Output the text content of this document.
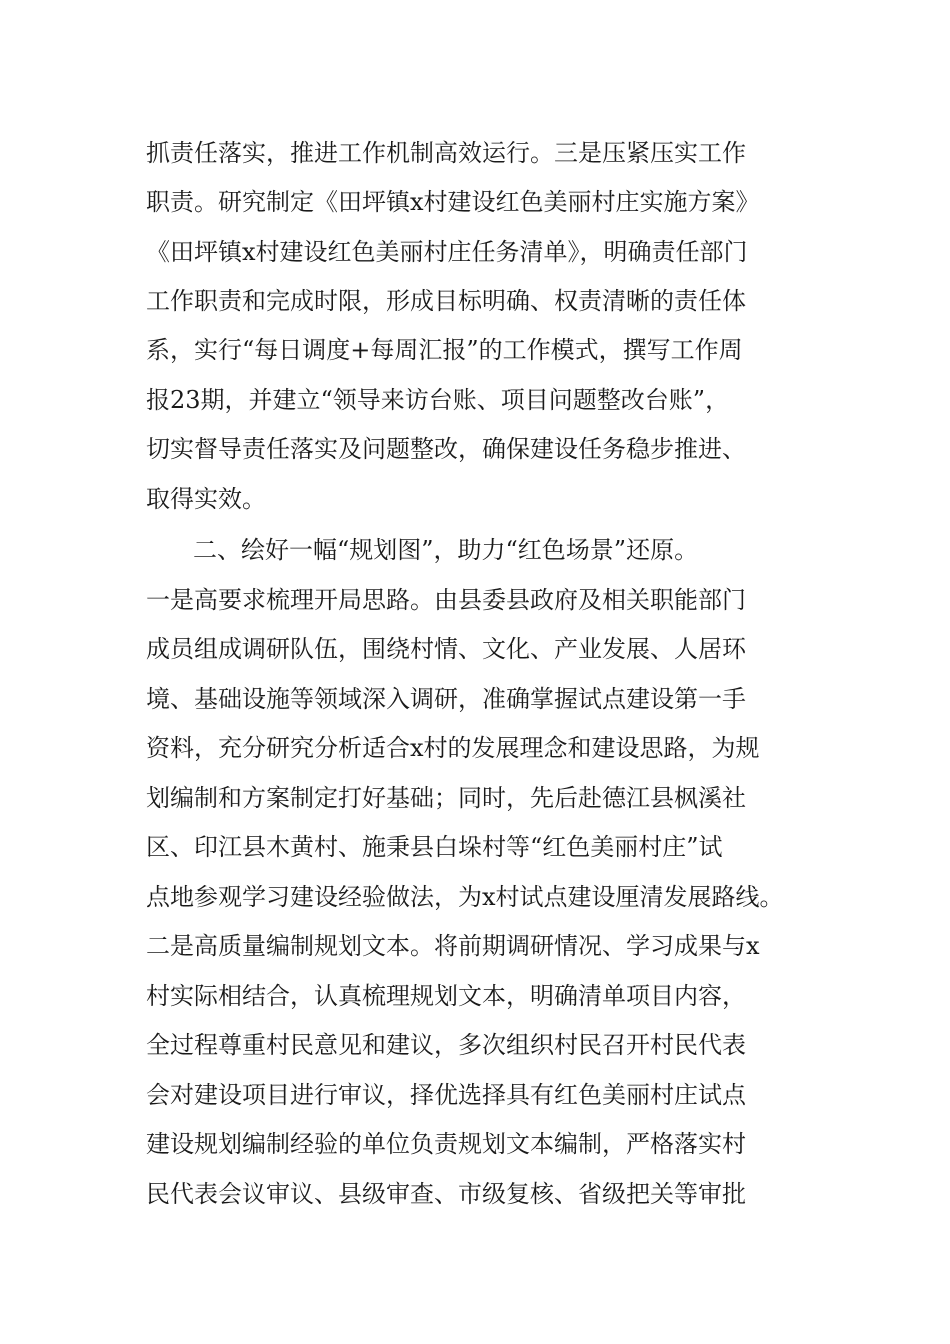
抓责任落实，推进工作机制高效运行。三是压紧压实工作

职责。研究制定《田坪镇x村建设红色美丽村庄实施方案》

《田坪镇x村建设红色美丽村庄任务清单》，明确责任部门

工作职责和完成时限，形成目标明确、权责清晰的责任体

系，实行“每日调度+每周汇报”的工作模式，撰写工作周

报23期，并建立“领导来访台账、项目问题整改台账”，

切实督导责任落实及问题整改，确保建设任务稳步推进、

取得实效。

二、绘好一幅“规划图”，助力“红色场景”还原。

一是高要求梳理开局思路。由县委县政府及相关职能部门

成员组成调研队伍，围绕村情、文化、产业发展、人居环

境、基础设施等领域深入调研，准确掌握试点建设第一手

资料，充分研究分析适合x村的发展理念和建设思路，为规

划编制和方案制定打好基础；同时，先后赴德江县枫溪社

区、印江县木黄村、施秉县白垛村等“红色美丽村庄”试

点地参观学习建设经验做法，为x村试点建设厘清发展路线。

二是高质量编制规划文本。将前期调研情况、学习成果与x

村实际相结合，认真梳理规划文本，明确清单项目内容，

全过程尊重村民意见和建议，多次组织村民召开村民代表

会对建设项目进行审议，择优选择具有红色美丽村庄试点

建设规划编制经验的单位负责规划文本编制，严格落实村

民代表会议审议、县级审查、市级复核、省级把关等审批
